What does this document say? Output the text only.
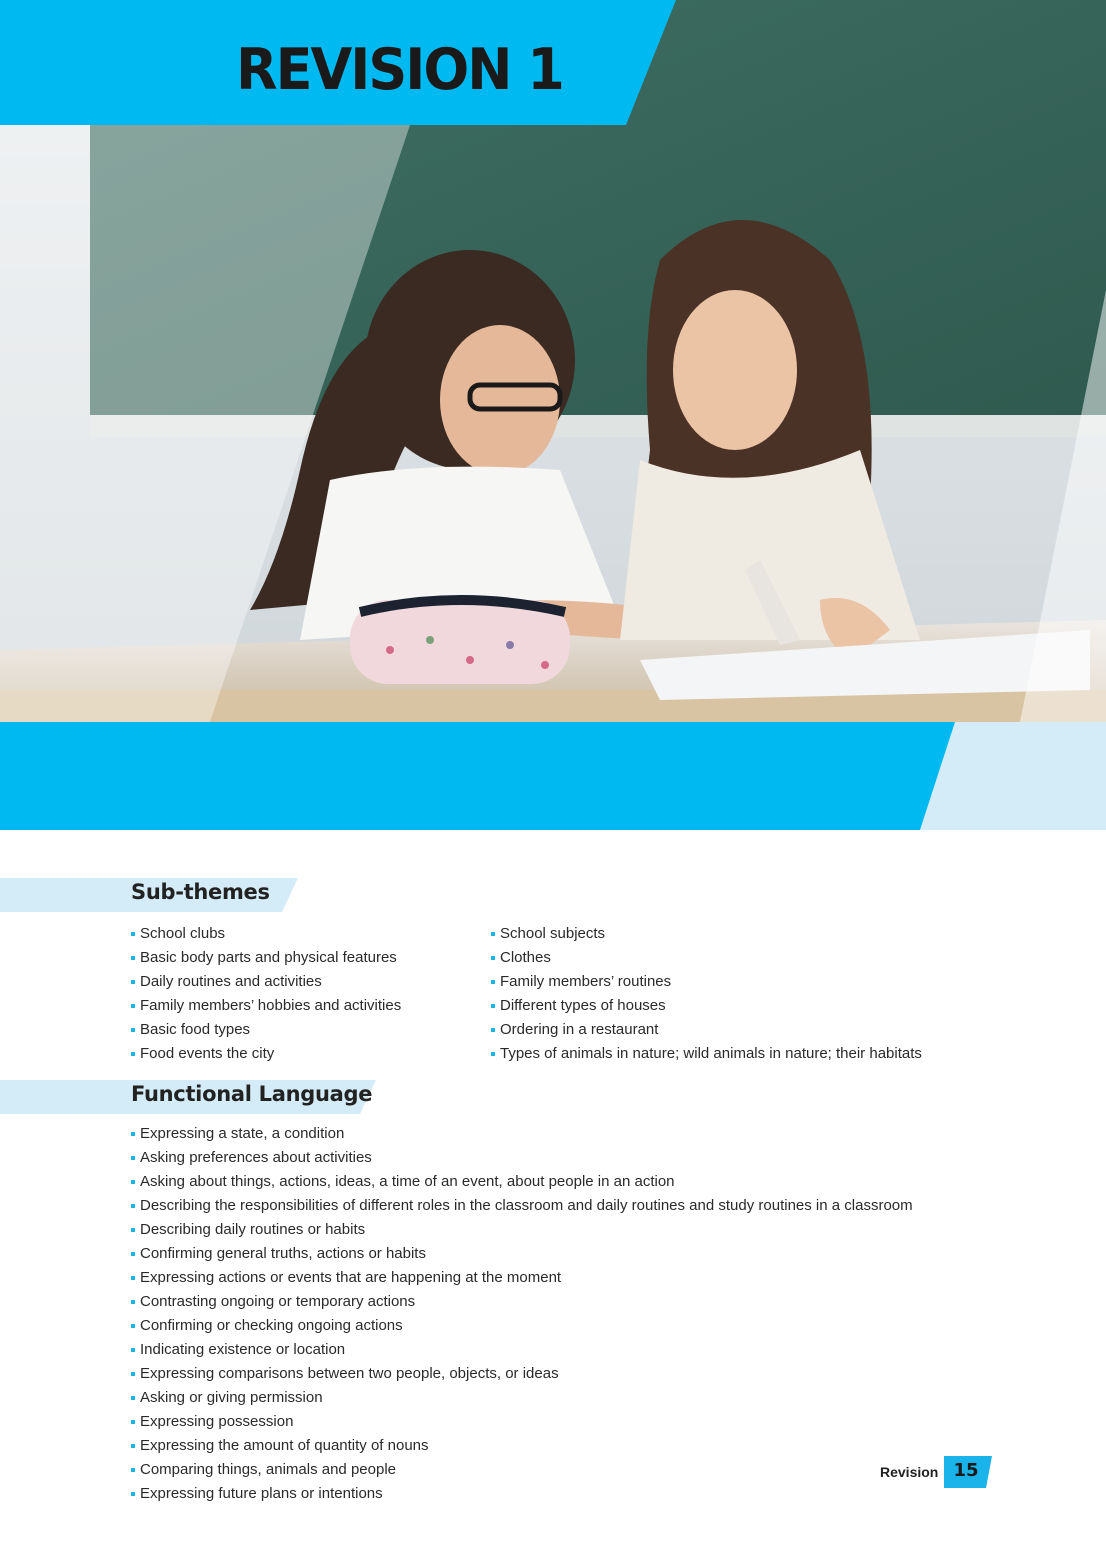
REVISION 1
Sub-themes
School clubs
Basic body parts and physical features
Daily routines and activities
Family members’ hobbies and activities
Basic food types
Food events the city
School subjects
Clothes
Family members’ routines
Different types of houses
Ordering in a restaurant
Types of animals in nature; wild animals in nature; their habitats
Functional Language
Expressing a state, a condition
Asking preferences about activities
Asking about things, actions, ideas, a time of an event, about people in an action
Describing the responsibilities of different roles in the classroom and daily routines and study routines in a classroom
Describing daily routines or habits
Confirming general truths, actions or habits
Expressing actions or events that are happening at the moment
Contrasting ongoing or temporary actions
Confirming or checking ongoing actions
Indicating existence or location
Expressing comparisons between two people, objects, or ideas
Asking or giving permission
Expressing possession
Expressing the amount of quantity of nouns
Comparing things, animals and people
Expressing future plans or intentions
Revision 15
